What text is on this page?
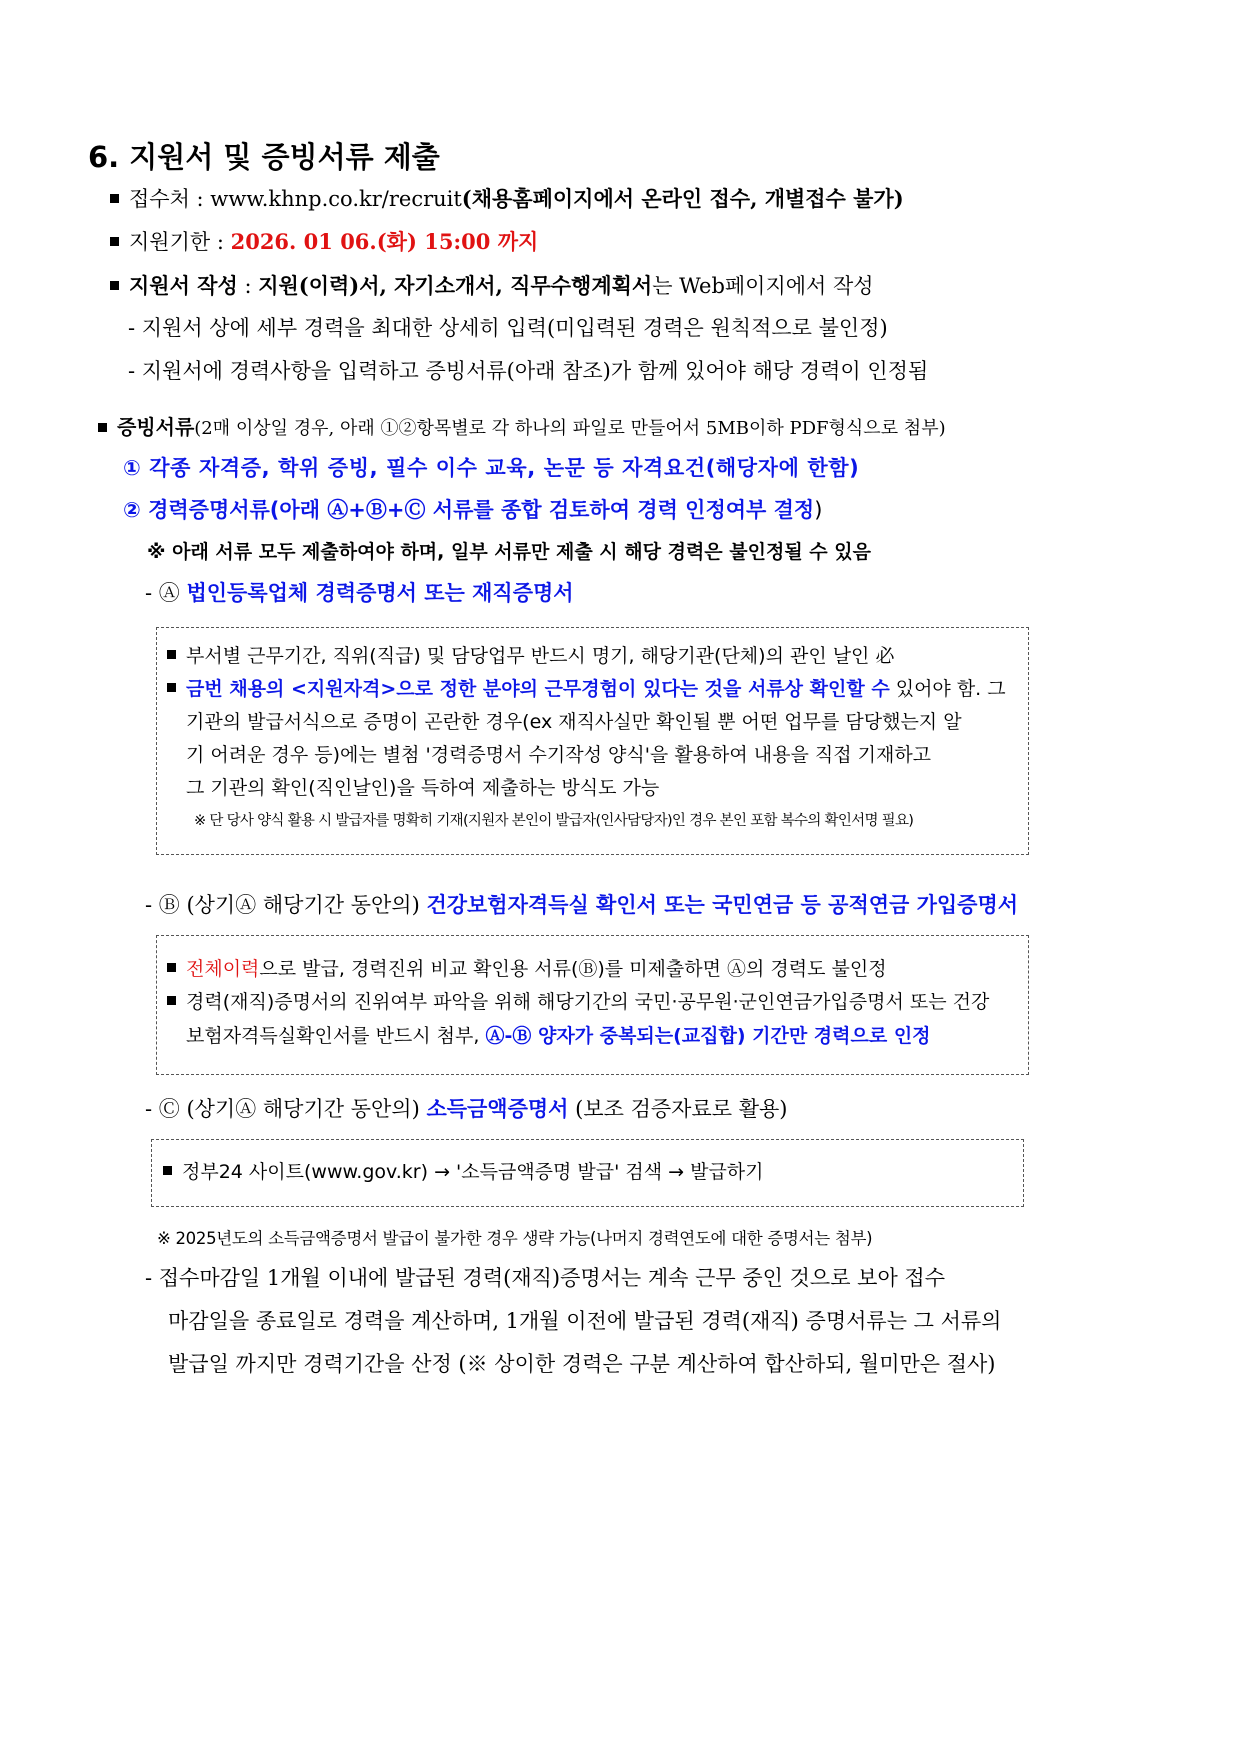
6. 지원서 및 증빙서류 제출
접수처 : www.khnp.co.kr/recruit(채용홈페이지에서 온라인 접수, 개별접수 불가)
지원기한 : 2026. 01 06.(화) 15:00 까지
지원서 작성 : 지원(이력)서, 자기소개서, 직무수행계획서는 Web페이지에서 작성
- 지원서 상에 세부 경력을 최대한 상세히 입력(미입력된 경력은 원칙적으로 불인정)
- 지원서에 경력사항을 입력하고 증빙서류(아래 참조)가 함께 있어야 해당 경력이 인정됨
증빙서류(2매 이상일 경우, 아래 ①②항목별로 각 하나의 파일로 만들어서 5MB이하 PDF형식으로 첨부)
① 각종 자격증, 학위 증빙, 필수 이수 교육, 논문 등 자격요건(해당자에 한함)
② 경력증명서류(아래 Ⓐ+Ⓑ+Ⓒ 서류를 종합 검토하여 경력 인정여부 결정)
※ 아래 서류 모두 제출하여야 하며, 일부 서류만 제출 시 해당 경력은 불인정될 수 있음
- Ⓐ 법인등록업체 경력증명서 또는 재직증명서
부서별 근무기간, 직위(직급) 및 담당업무 반드시 명기, 해당기관(단체)의 관인 날인 必
금번 채용의 <지원자격>으로 정한 분야의 근무경험이 있다는 것을 서류상 확인할 수 있어야 함. 그
기관의 발급서식으로 증명이 곤란한 경우(ex 재직사실만 확인될 뿐 어떤 업무를 담당했는지 알
기 어려운 경우 등)에는 별첨 '경력증명서 수기작성 양식'을 활용하여 내용을 직접 기재하고
그 기관의 확인(직인날인)을 득하여 제출하는 방식도 가능
※ 단 당사 양식 활용 시 발급자를 명확히 기재(지원자 본인이 발급자(인사담당자)인 경우 본인 포함 복수의 확인서명 필요)
- Ⓑ (상기Ⓐ 해당기간 동안의) 건강보험자격득실 확인서 또는 국민연금 등 공적연금 가입증명서
전체이력으로 발급, 경력진위 비교 확인용 서류(Ⓑ)를 미제출하면 Ⓐ의 경력도 불인정
경력(재직)증명서의 진위여부 파악을 위해 해당기간의 국민·공무원·군인연금가입증명서 또는 건강
보험자격득실확인서를 반드시 첨부, Ⓐ-Ⓑ 양자가 중복되는(교집합) 기간만 경력으로 인정
- Ⓒ (상기Ⓐ 해당기간 동안의) 소득금액증명서 (보조 검증자료로 활용)
정부24 사이트(www.gov.kr) → '소득금액증명 발급' 검색 → 발급하기
※ 2025년도의 소득금액증명서 발급이 불가한 경우 생략 가능(나머지 경력연도에 대한 증명서는 첨부)
- 접수마감일 1개월 이내에 발급된 경력(재직)증명서는 계속 근무 중인 것으로 보아 접수
마감일을 종료일로 경력을 계산하며, 1개월 이전에 발급된 경력(재직) 증명서류는 그 서류의
발급일 까지만 경력기간을 산정 (※ 상이한 경력은 구분 계산하여 합산하되, 월미만은 절사)
